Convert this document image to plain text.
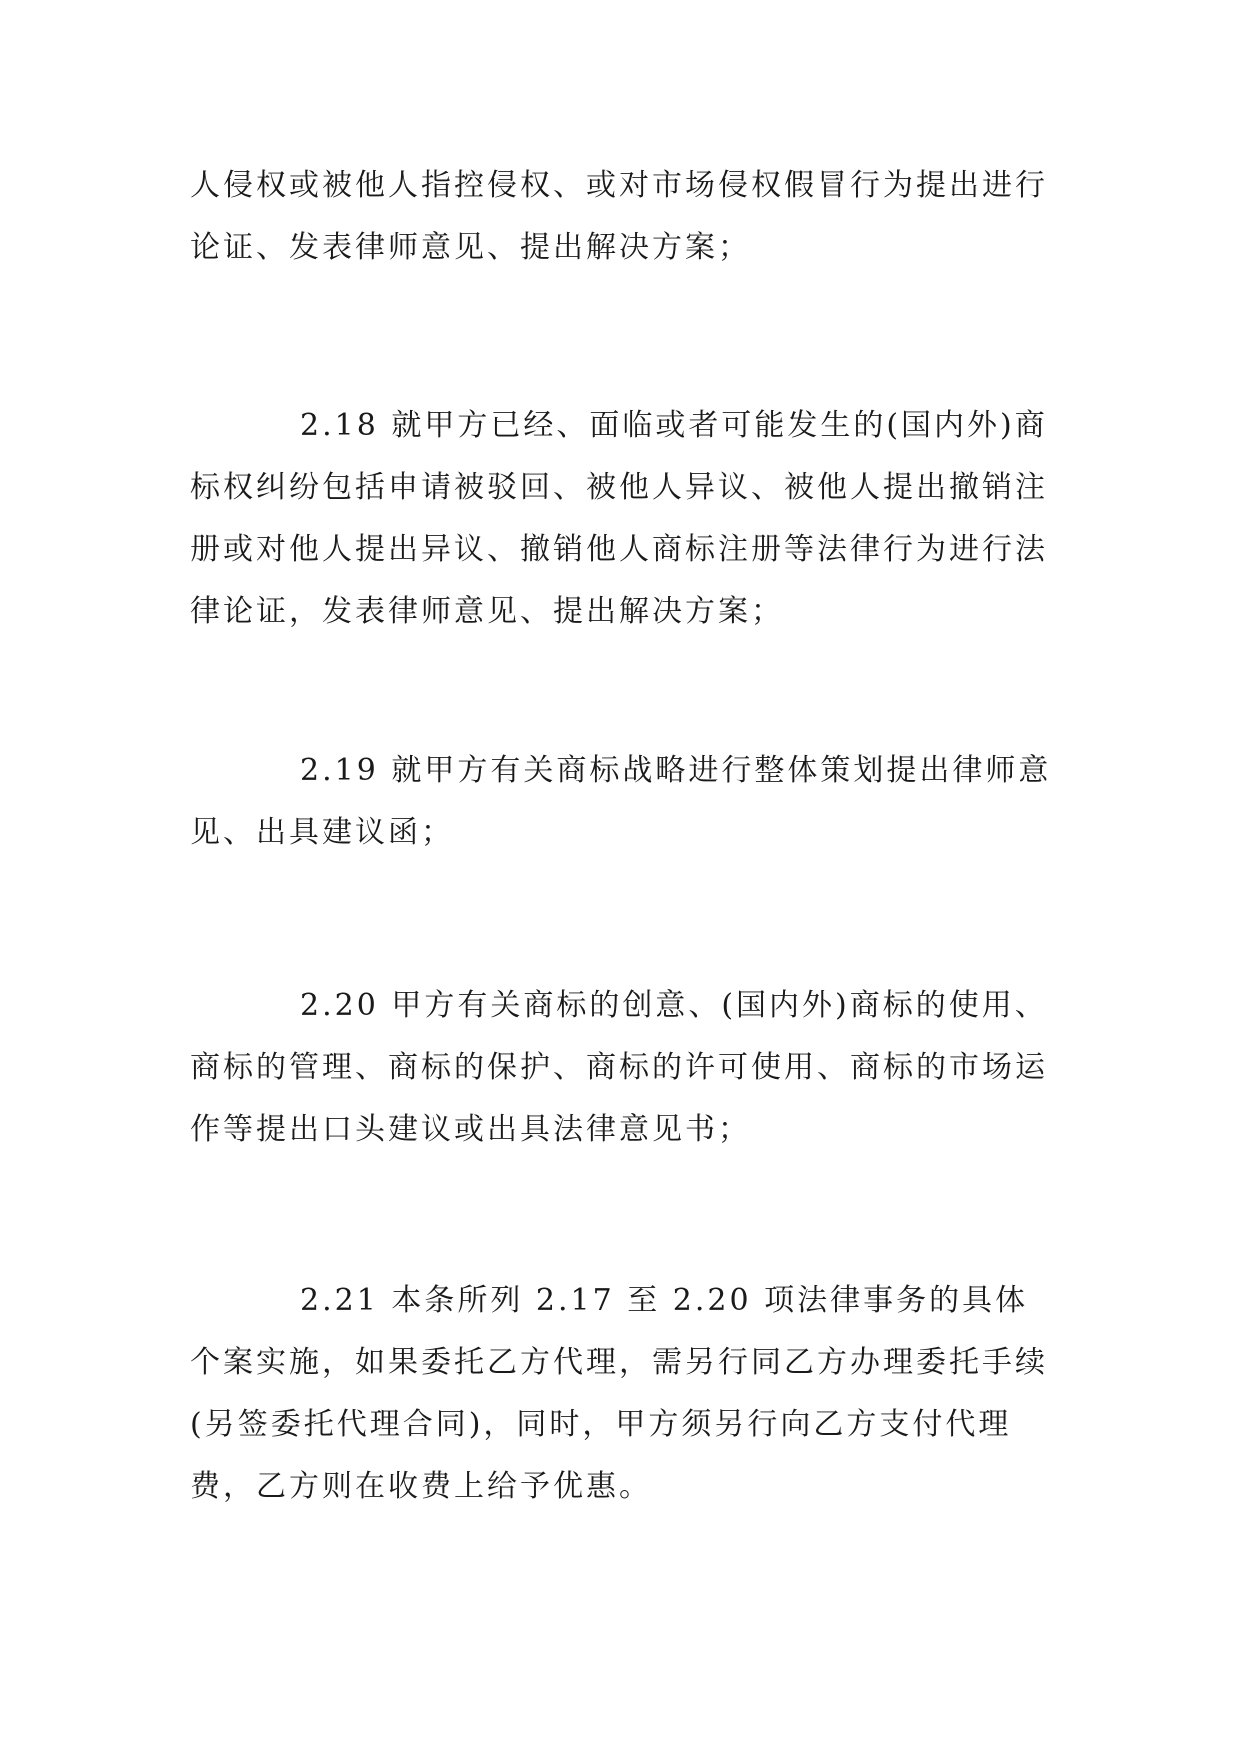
人侵权或被他人指控侵权、或对市场侵权假冒行为提出进行论证、发表律师意见、提出解决方案；

2.18 就甲方已经、面临或者可能发生的(国内外)商标权纠纷包括申请被驳回、被他人异议、被他人提出撤销注册或对他人提出异议、撤销他人商标注册等法律行为进行法律论证，发表律师意见、提出解决方案；

2.19 就甲方有关商标战略进行整体策划提出律师意见、出具建议函；

2.20 甲方有关商标的创意、(国内外)商标的使用、商标的管理、商标的保护、商标的许可使用、商标的市场运作等提出口头建议或出具法律意见书；

2.21 本条所列 2.17 至 2.20 项法律事务的具体个案实施，如果委托乙方代理，需另行同乙方办理委托手续(另签委托代理合同)，同时，甲方须另行向乙方支付代理费，乙方则在收费上给予优惠。
